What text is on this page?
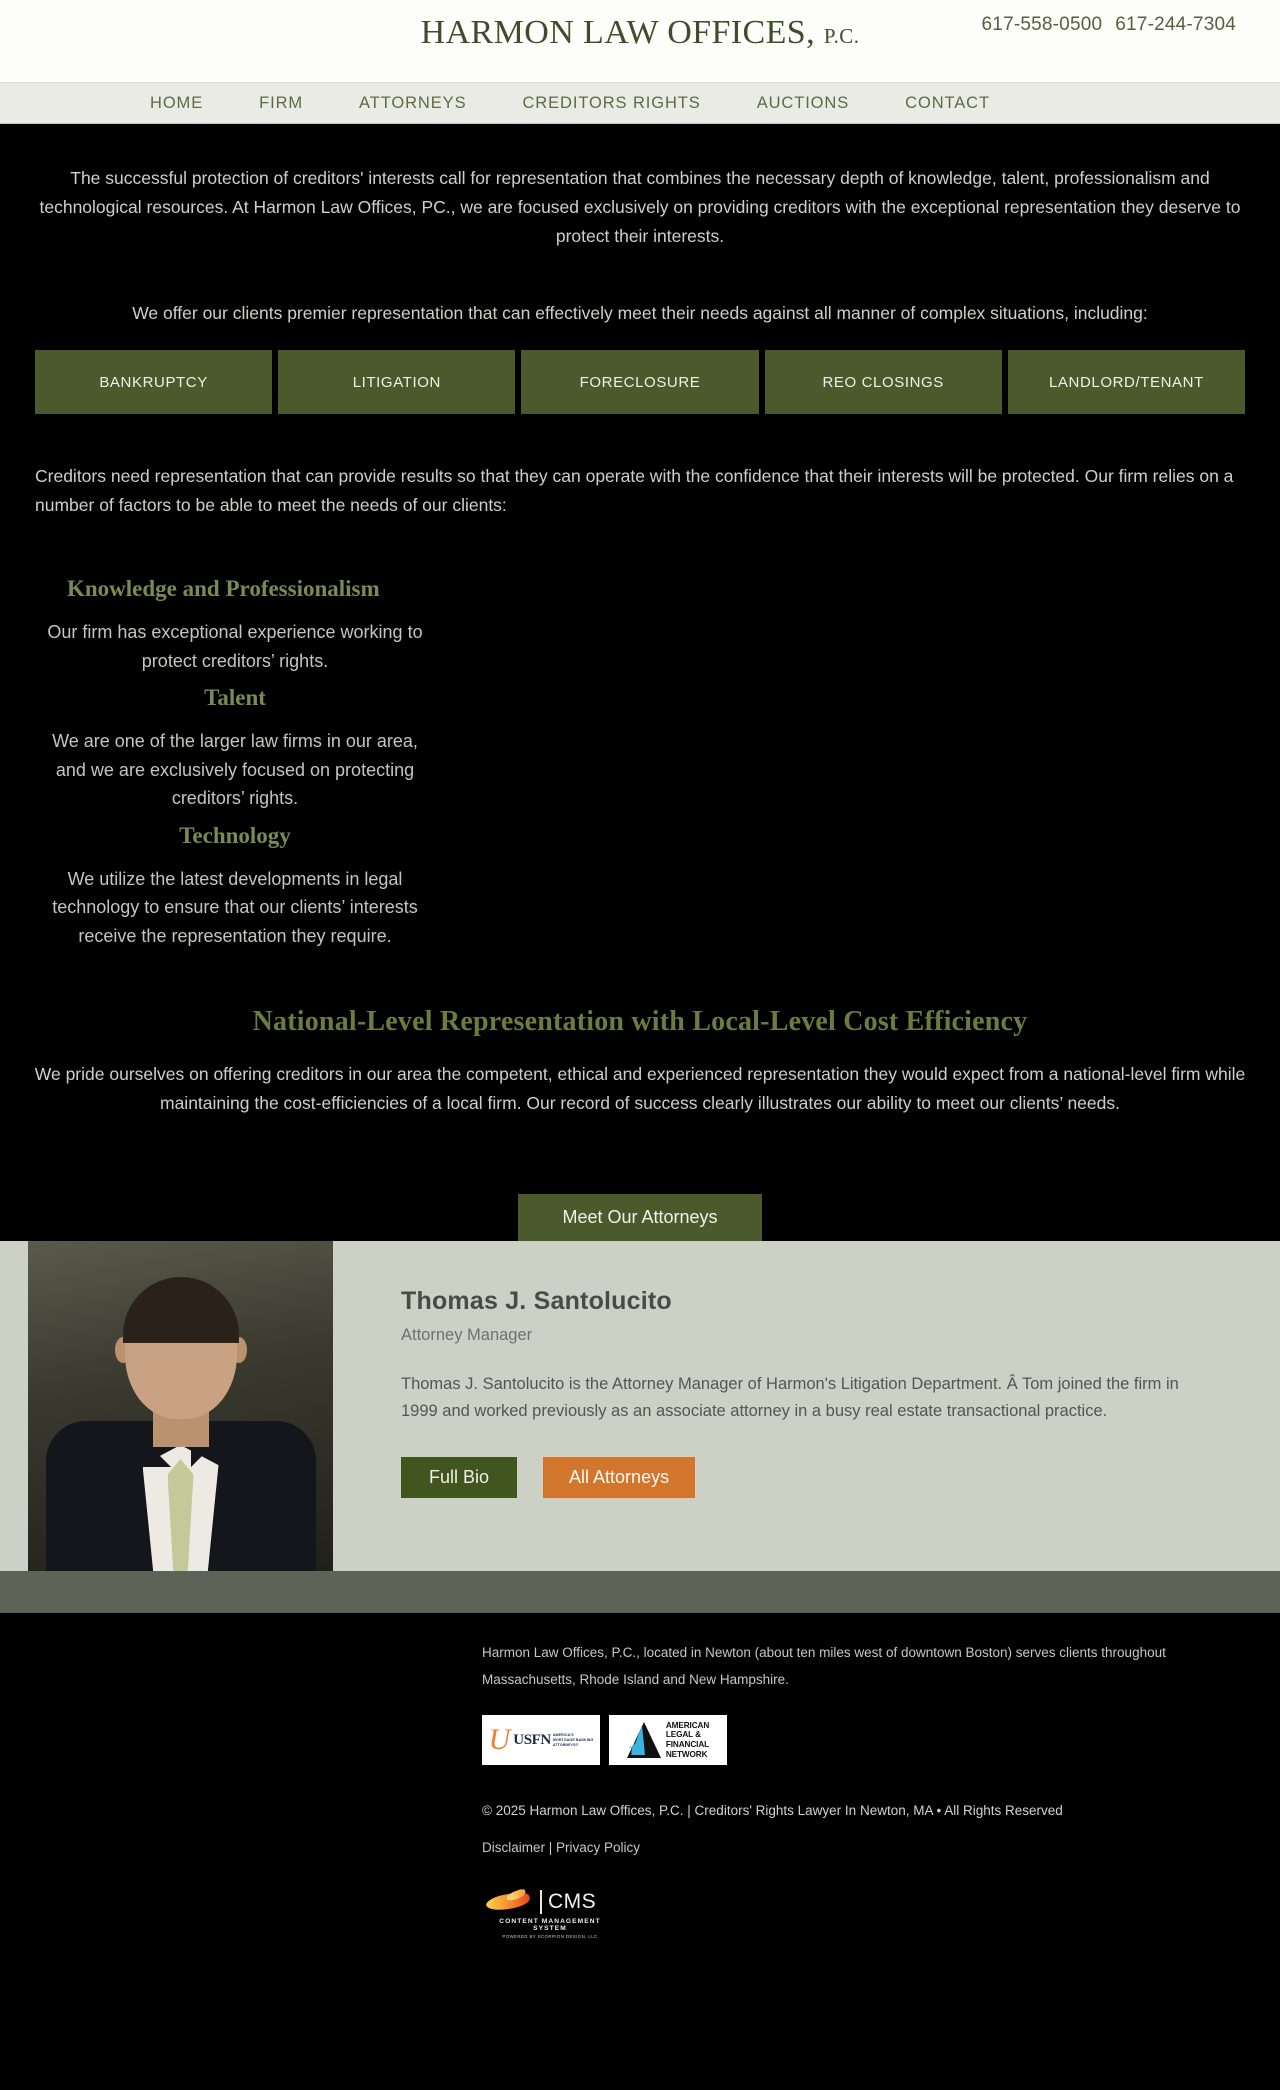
HARMON LAW OFFICES, P.C.	617-558-0500 617-244-7304
HOME	FIRM	ATTORNEYS	CREDITORS RIGHTS	AUCTIONS	CONTACT

The successful protection of creditors' interests call for representation that combines the necessary depth of knowledge, talent, professionalism and technological resources. At Harmon Law Offices, PC., we are focused exclusively on providing creditors with the exceptional representation they deserve to protect their interests.

We offer our clients premier representation that can effectively meet their needs against all manner of complex situations, including:

BANKRUPTCY	LITIGATION	FORECLOSURE	REO CLOSINGS	LANDLORD/TENANT

Creditors need representation that can provide results so that they can operate with the confidence that their interests will be protected. Our firm relies on a number of factors to be able to meet the needs of our clients:

Knowledge and Professionalism
Our firm has exceptional experience working to protect creditors’ rights.
Talent
We are one of the larger law firms in our area, and we are exclusively focused on protecting creditors’ rights.
Technology
We utilize the latest developments in legal technology to ensure that our clients’ interests receive the representation they require.
National-Level Representation with Local-Level Cost Efficiency

We pride ourselves on offering creditors in our area the competent, ethical and experienced representation they would expect from a national-level firm while maintaining the cost-efficiencies of a local firm. Our record of success clearly illustrates our ability to meet our clients’ needs.

Meet Our Attorneys
Thomas J. Santolucito
Attorney Manager
Thomas J. Santolucito is the Attorney Manager of Harmon's Litigation Department. Â Tom joined the firm in 1999 and worked previously as an associate attorney in a busy real estate transactional practice.
Full Bio	All Attorneys
Harmon Law Offices, P.C., located in Newton (about ten miles west of downtown Boston) serves clients throughout Massachusetts, Rhode Island and New Hampshire.
U USFN AMERICA'S
MORTGAGE BANKING
ATTORNEYS®	★
AMERICAN
LEGAL &
FINANCIAL
NETWORK
© 2025 Harmon Law Offices, P.C. | Creditors' Rights Lawyer In Newton, MA • All Rights Reserved
Disclaimer | Privacy Policy
CMS
CONTENT MANAGEMENT SYSTEM
POWERED BY SCORPION DESIGN, LLC
